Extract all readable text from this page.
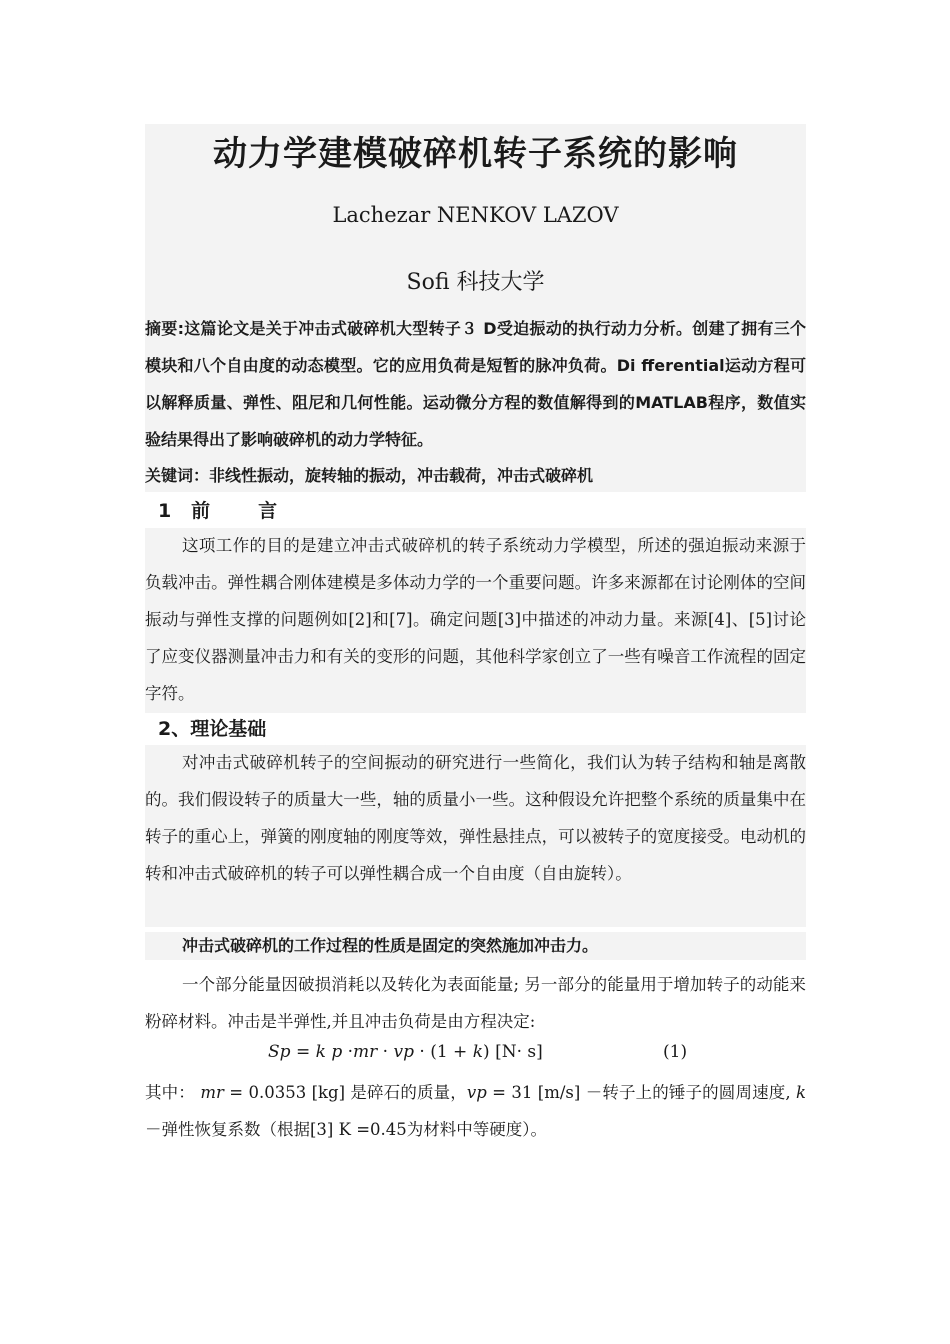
动力学建模破碎机转子系统的影响
Lachezar NENKOV LAZOV
Sofi 科技大学
摘要:这篇论文是关于冲击式破碎机大型转子３ D受迫振动的执行动力分析。创建了拥有三个模块和八个自由度的动态模型。它的应用负荷是短暂的脉冲负荷。Di fferential运动方程可以解释质量、弹性、阻尼和几何性能。运动微分方程的数值解得到的MATLAB程序，数值实验结果得出了影响破碎机的动力学特征。
关键词：非线性振动，旋转轴的振动，冲击载荷，冲击式破碎机
1 前	言
这项工作的目的是建立冲击式破碎机的转子系统动力学模型，所述的强迫振动来源于负载冲击。弹性耦合刚体建模是多体动力学的一个重要问题。许多来源都在讨论刚体的空间振动与弹性支撑的问题例如[2]和[7]。确定问题[3]中描述的冲动力量。来源[4]、[5]讨论了应变仪器测量冲击力和有关的变形的问题，其他科学家创立了一些有噪音工作流程的固定字符。
2、理论基础
对冲击式破碎机转子的空间振动的研究进行一些简化，我们认为转子结构和轴是离散的。我们假设转子的质量大一些，轴的质量小一些。这种假设允许把整个系统的质量集中在转子的重心上，弹簧的刚度轴的刚度等效，弹性悬挂点，可以被转子的宽度接受。电动机的转和冲击式破碎机的转子可以弹性耦合成一个自由度（自由旋转）。
冲击式破碎机的工作过程的性质是固定的突然施加冲击力。
一个部分能量因破损消耗以及转化为表面能量; 另一部分的能量用于增加转子的动能来粉碎材料。冲击是半弹性,并且冲击负荷是由方程决定:
Sp = k p ·mr · vp · (1 + k) [N· s]	(1)
其中： mr = 0.0353 [kg] 是碎石的质量，vp = 31 [m/s] －转子上的锤子的圆周速度, k －弹性恢复系数（根据[3] K =0.45为材料中等硬度）。
